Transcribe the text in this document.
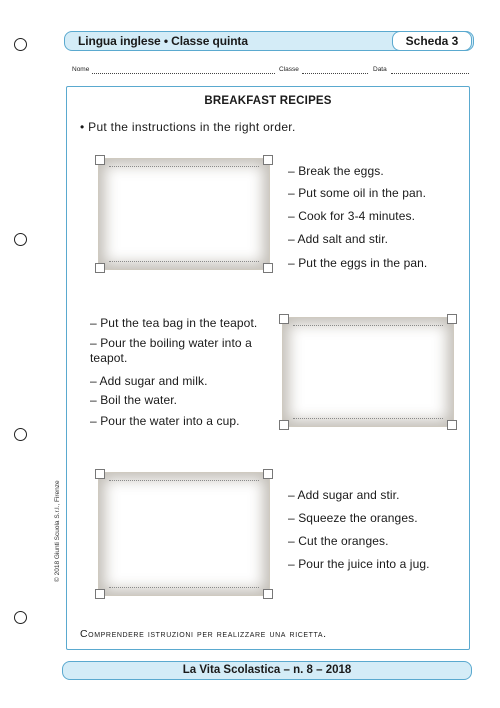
Lingua inglese • Classe quinta	Scheda 3
Nome	Classe	Data
BREAKFAST RECIPES
• Put the instructions in the right order.
– Break the eggs.
– Put some oil in the pan.
– Cook for 3-4 minutes.
– Add salt and stir.
– Put the eggs in the pan.
– Put the tea bag in the teapot.
– Pour the boiling water into a teapot.
– Add sugar and milk.
– Boil the water.
– Pour the water into a cup.
– Add sugar and stir.
– Squeeze the oranges.
– Cut the oranges.
– Pour the juice into a jug.
Comprendere istruzioni per realizzare una ricetta.
© 2018 Giunti Scuola S.r.l., Firenze
La Vita Scolastica – n. 8 – 2018
